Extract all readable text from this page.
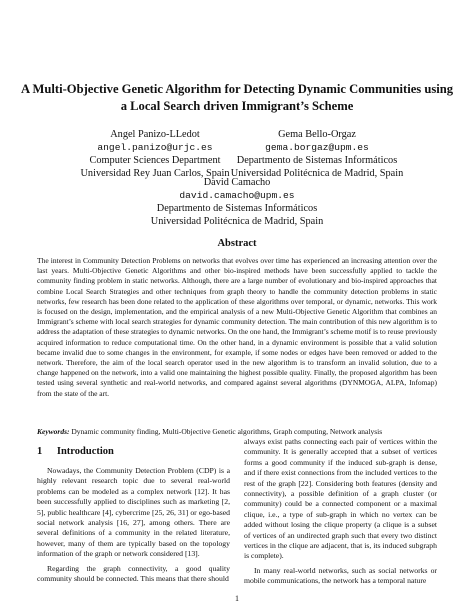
A Multi-Objective Genetic Algorithm for Detecting Dynamic Communities using
a Local Search driven Immigrant’s Scheme
Angel Panizo-LLedot
angel.panizo@urjc.es
Computer Sciences Department
Universidad Rey Juan Carlos, Spain
Gema Bello-Orgaz
gema.borgaz@upm.es
Departmento de Sistemas Informáticos
Universidad Politécnica de Madrid, Spain
David Camacho
david.camacho@upm.es
Departmento de Sistemas Informáticos
Universidad Politécnica de Madrid, Spain
Abstract
The interest in Community Detection Problems on networks that evolves over time has experienced an increasing attention over the last years. Multi-Objective Genetic Algorithms and other bio-inspired methods have been successfully applied to tackle the community finding problem in static networks. Although, there are a large number of evolutionary and bio-inspired approaches that combine Local Search Strategies and other techniques from graph theory to handle the community detection problems in static networks, few research has been done related to the application of these algorithms over temporal, or dynamic, networks. This work is focused on the design, implementation, and the empirical analysis of a new Multi-Objective Genetic Algorithm that combines an Immigrant’s scheme with local search strategies for dynamic community detection. The main contribution of this new algorithm is to address the adaptation of these strategies to dynamic networks. On the one hand, the Immigrant’s scheme motif is to reuse previously acquired information to reduce computational time. On the other hand, in a dynamic environment is possible that a valid solution became invalid due to some changes in the environment, for example, if some nodes or edges have been removed or added to the network. Therefore, the aim of the local search operator used in the new algorithm is to transform an invalid solution, due to a change happened on the network, into a valid one maintaining the highest possible quality. Finally, the proposed algorithm has been tested using several synthetic and real-world networks, and compared against several algorithms (DYNMOGA, ALPA, Infomap) from the state of the art.
Keywords: Dynamic community finding, Multi-Objective Genetic algorithms, Graph computing, Network analysis
1 Introduction

Nowadays, the Community Detection Problem (CDP) is a highly relevant research topic due to several real-world problems can be modeled as a complex network [12]. It has been successfully applied to disciplines such as marketing [2, 5], public healthcare [4], cybercrime [25, 26, 31] or ego-based social network analysis [16, 27], among others. There are several definitions of a community in the related literature, however, many of them are typically based on the topology information of the graph or network considered [13].

Regarding the graph connectivity, a good quality community should be connected. This means that there should

always exist paths connecting each pair of vertices within the community. It is generally accepted that a subset of vertices forms a good community if the induced sub-graph is dense, and if there exist connections from the included vertices to the rest of the graph [22]. Considering both features (density and connectivity), a possible definition of a graph cluster (or community) could be a connected component or a maximal clique, i.e., a type of sub-graph in which no vertex can be added without losing the clique property (a clique is a subset of vertices of an undirected graph such that every two distinct vertices in the clique are adjacent, that is, its induced subgraph is complete).

In many real-world networks, such as social networks or mobile communications, the network has a temporal nature

1
